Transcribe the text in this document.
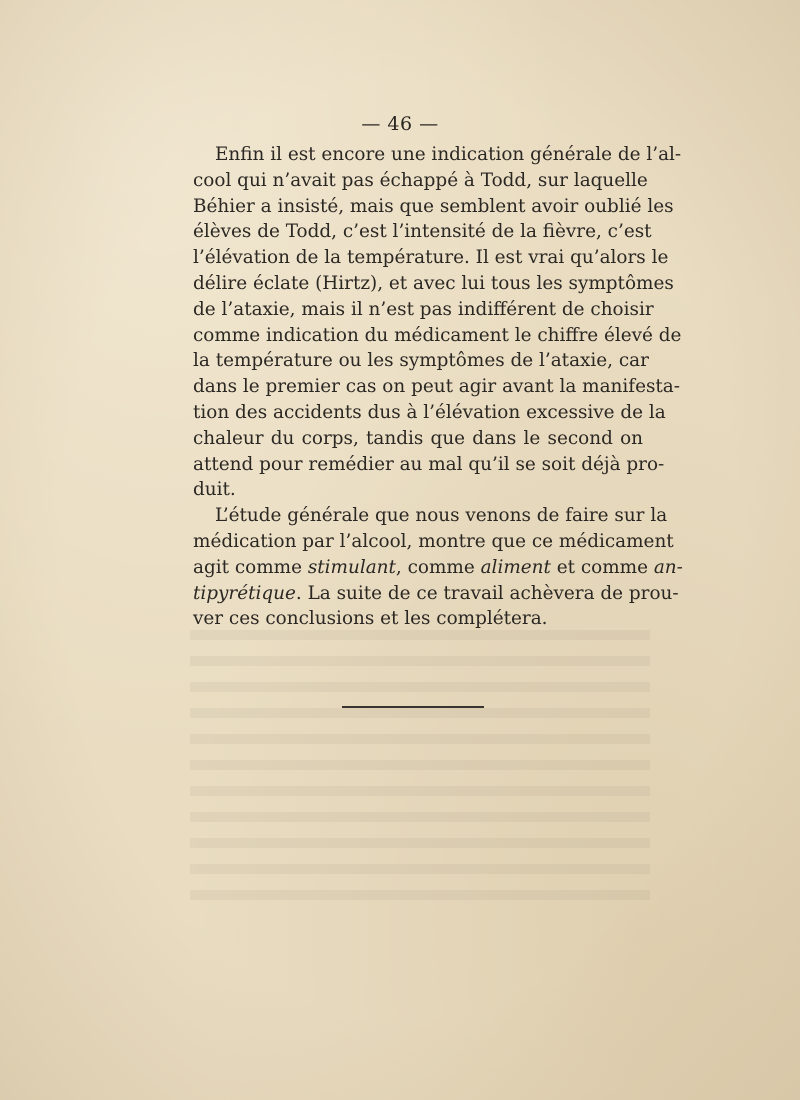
— 46 —

Enfin il est encore une indication générale de l’al-
cool qui n’avait pas échappé à Todd, sur laquelle
Béhier a insisté, mais que semblent avoir oublié les
élèves de Todd, c’est l’intensité de la fièvre, c’est
l’élévation de la température. Il est vrai qu’alors le
délire éclate (Hirtz), et avec lui tous les symptômes
de l’ataxie, mais il n’est pas indifférent de choisir
comme indication du médicament le chiffre élevé de
la température ou les symptômes de l’ataxie, car
dans le premier cas on peut agir avant la manifesta-
tion des accidents dus à l’élévation excessive de la
chaleur du corps, tandis que dans le second on
attend pour remédier au mal qu’il se soit déjà pro-
duit.

L’étude générale que nous venons de faire sur la
médication par l’alcool, montre que ce médicament
agit comme stimulant, comme aliment et comme an-
tipyrétique. La suite de ce travail achèvera de prou-
ver ces conclusions et les complétera.
